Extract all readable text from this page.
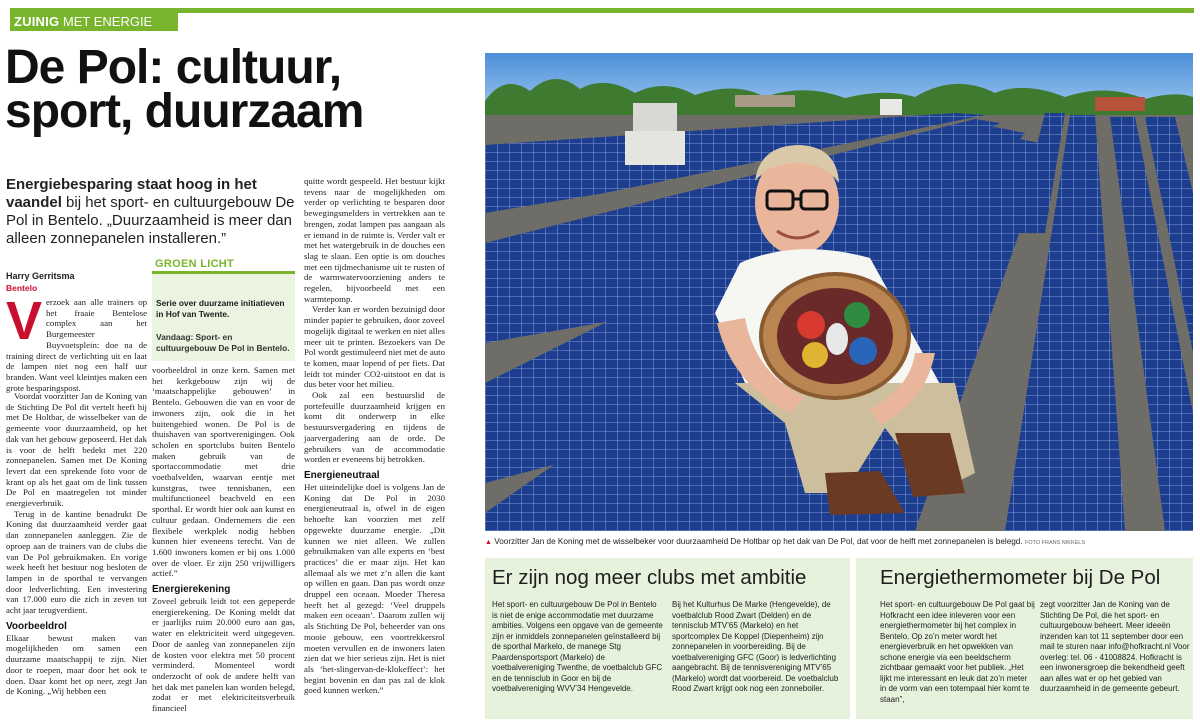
ZUINIG MET ENERGIE
De Pol: cultuur, sport, duurzaam

Energiebesparing staat hoog in het vaandel bij het sport- en cultuurgebouw De Pol in Bentelo. „Duurzaamheid is meer dan alleen zonnepanelen installeren.”

Harry Gerritsma
Bentelo
V erzoek aan alle trainers op het fraaie Bentelose complex aan het Burgemeester Buyvoetsplein: doe na de training direct de verlichting uit en laat de lampen niet nog een half uur branden. Want veel kleintjes maken een grote besparingspost.

Voordat voorzitter Jan de Koning van de Stichting De Pol dit vertelt heeft hij met De Holtbar, de wisselbeker van de gemeente voor duurzaamheid, op het dak van het gebouw geposeerd. Het dak is voor de helft bedekt met 220 zonnepanelen. Samen met De Koning levert dat een sprekende foto voor de krant op als het gaat om de link tussen De Pol en maatregelen tot minder energieverbruik.

Terug in de kantine benadrukt De Koning dat duurzaamheid verder gaat dan zonnepanelen aanleggen. Zie de oproep aan de trainers van de clubs die van De Pol gebruikmaken. En vorige week heeft het bestuur nog besloten de lampen in de sporthal te vervangen door ledverlichting. Een investering van 17.000 euro die zich in zeven tot acht jaar terugverdient.

Voorbeeldrol

Elkaar bewust maken van mogelijkheden om samen een duurzame maatschappij te zijn. Niet door te roepen, maar door het ook te doen. Daar komt het op neer, zegt Jan de Koning. „Wij hebben een

GROEN LICHT
Serie over duurzame initiatieven in Hof van Twente.
Vandaag: Sport- en cultuurgebouw De Pol in Bentelo.

voorbeeldrol in onze kern. Samen met het kerkgebouw zijn wij de ‘maatschappelijke gebouwen’ in Bentelo. Gebouwen die van en voor de inwoners zijn, ook die in het buitengebied wonen. De Pol is de thuishaven van sportverenigingen. Ook scholen en sportclubs buiten Bentelo maken gebruik van de sportaccommodatie met drie voetbalvelden, waarvan eentje met kunstgras, twee tennisbanen, een multifunctioneel beachveld en een sporthal. Er wordt hier ook aan kunst en cultuur gedaan. Ondernemers die een flexibele werkplek nodig hebben kunnen hier eveneens terecht. Van de 1.600 inwoners komen er bij ons 1.000 over de vloer. Er zijn 250 vrijwilligers actief.”

Energierekening

Zoveel gebruik leidt tot een gepeperde energierekening. De Koning meldt dat er jaarlijks ruim 20.000 euro aan gas, water en elektriciteit werd uitgegeven. Door de aanleg van zonnepanelen zijn de kosten voor elektra met 50 procent verminderd. Momenteel wordt onderzocht of ook de andere helft van het dak met panelen kan worden belegd, zodat er met elektriciteitsverbruik financieel

quitte wordt gespeeld. Het bestuur kijkt tevens naar de mogelijkheden om verder op verlichting te besparen door bewegingsmelders in vertrekken aan te brengen, zodat lampen pas aangaan als er iemand in de ruimte is. Verder valt er met het watergebruik in de douches een slag te slaan. Een optie is om douches met een tijdmechanisme uit te rusten of de warmwatervoorziening anders te regelen, bijvoorbeeld met een warmtepomp.

Verder kan er worden bezuinigd door minder papier te gebruiken, door zoveel mogelijk digitaal te werken en niet alles meer uit te printen. Bezoekers van De Pol wordt gestimuleerd niet met de auto te komen, maar lopend of per fiets. Dat leidt tot minder CO2-uitstoot en dat is dus beter voor het milieu.

Ook zal een bestuurslid de portefeuille duurzaamheid krijgen en komt dit onderwerp in elke bestuursvergadering en tijdens de jaarvergadering aan de orde. De gebruikers van de accommodatie worden er eveneens bij betrokken.

Energieneutraal

Het uiteindelijke doel is volgens Jan de Koning dat De Pol in 2030 energieneutraal is, ofwel in de eigen behoefte kan voorzien met zelf opgewekte duurzame energie. „Dit kunnen we niet alleen. We zullen gebruikmaken van alle experts en ‘best practices’ die er maar zijn. Het kan allemaal als we met z’n allen die kant op willen en gaan. Dan pas wordt onze druppel een oceaan. Moeder Theresa heeft het al gezegd: ‘Veel druppels maken een oceaan’. Daarom zullen wij als Stichting De Pol, beheerder van ons mooie gebouw, een voortrekkersrol moeten vervullen en de inwoners laten zien dat we hier serieus zijn. Het is niet als ‘het-slingervan-de-klokeffect’: het begint bovenin en dan pas zal de klok goed kunnen werken.”

▲ Voorzitter Jan de Koning met de wisselbeker voor duurzaamheid De Holtbar op het dak van De Pol, dat voor de helft met zonnepanelen is belegd. FOTO FRANS NIKKELS
Er zijn nog meer clubs met ambitie
Het sport- en cultuurgebouw De Pol in Bentelo is niet de enige accommodatie met duurzame ambities. Volgens een opgave van de gemeente zijn er inmiddels zonnepanelen geïnstalleerd bij de sporthal Markelo, de manege Stg Paardensportsport (Markelo) de voetbalvereniging Twenthe, de voetbalclub GFC en de tennisclub in Goor en bij de voetbalvereniging WVV’34 Hengevelde.
Bij het Kulturhus De Marke (Hengevelde), de voetbalclub Rood Zwart (Delden) en de tennisclub MTV’65 (Markelo) en het sportcomplex De Koppel (Diepenheim) zijn zonnepanelen in voorbereiding. Bij de voetbalvereniging GFC (Goor) is ledverlichting aangebracht. Bij de tennisvereniging MTV’65 (Markelo) wordt dat voorbereid. De voetbalclub Rood Zwart krijgt ook nog een zonneboiler.
Energiethermometer bij De Pol
Het sport- en cultuurgebouw De Pol gaat bij Hofkracht een idee inleveren voor een energiethermometer bij het complex in Bentelo. Op zo’n meter wordt het energieverbruik en het opwekken van schone energie via een beeldscherm zichtbaar gemaakt voor het publiek. „Het lijkt me interessant en leuk dat zo’n meter in de vorm van een totempaal hier komt te staan”,
zegt voorzitter Jan de Koning van de Stichting De Pol, die het sport- en cultuurgebouw beheert. Meer ideeën inzenden kan tot 11 september door een mail te sturen naar info@hofkracht.nl Voor overleg: tel. 06 - 41008824. Hofkracht is een inwonersgroep die bekendheid geeft aan alles wat er op het gebied van duurzaamheid in de gemeente gebeurt.
